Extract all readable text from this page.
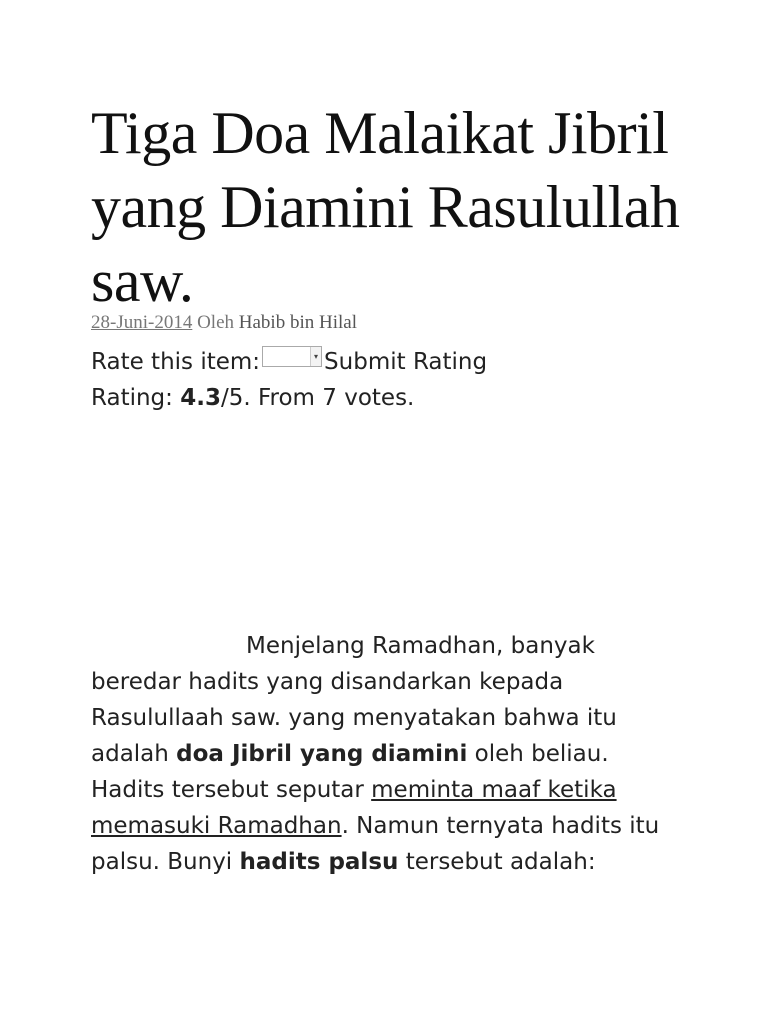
Tiga Doa Malaikat Jibril yang Diamini Rasulullah saw.
28-Juni-2014 Oleh Habib bin Hilal
Rate this item:	▾ Submit Rating
Rating: 4.3/5. From 7 votes.
Menjelang Ramadhan, banyak beredar hadits yang disandarkan kepada Rasulullaah saw. yang menyatakan bahwa itu adalah doa Jibril yang diamini oleh beliau. Hadits tersebut seputar meminta maaf ketika memasuki Ramadhan. Namun ternyata hadits itu palsu. Bunyi hadits palsu tersebut adalah:
